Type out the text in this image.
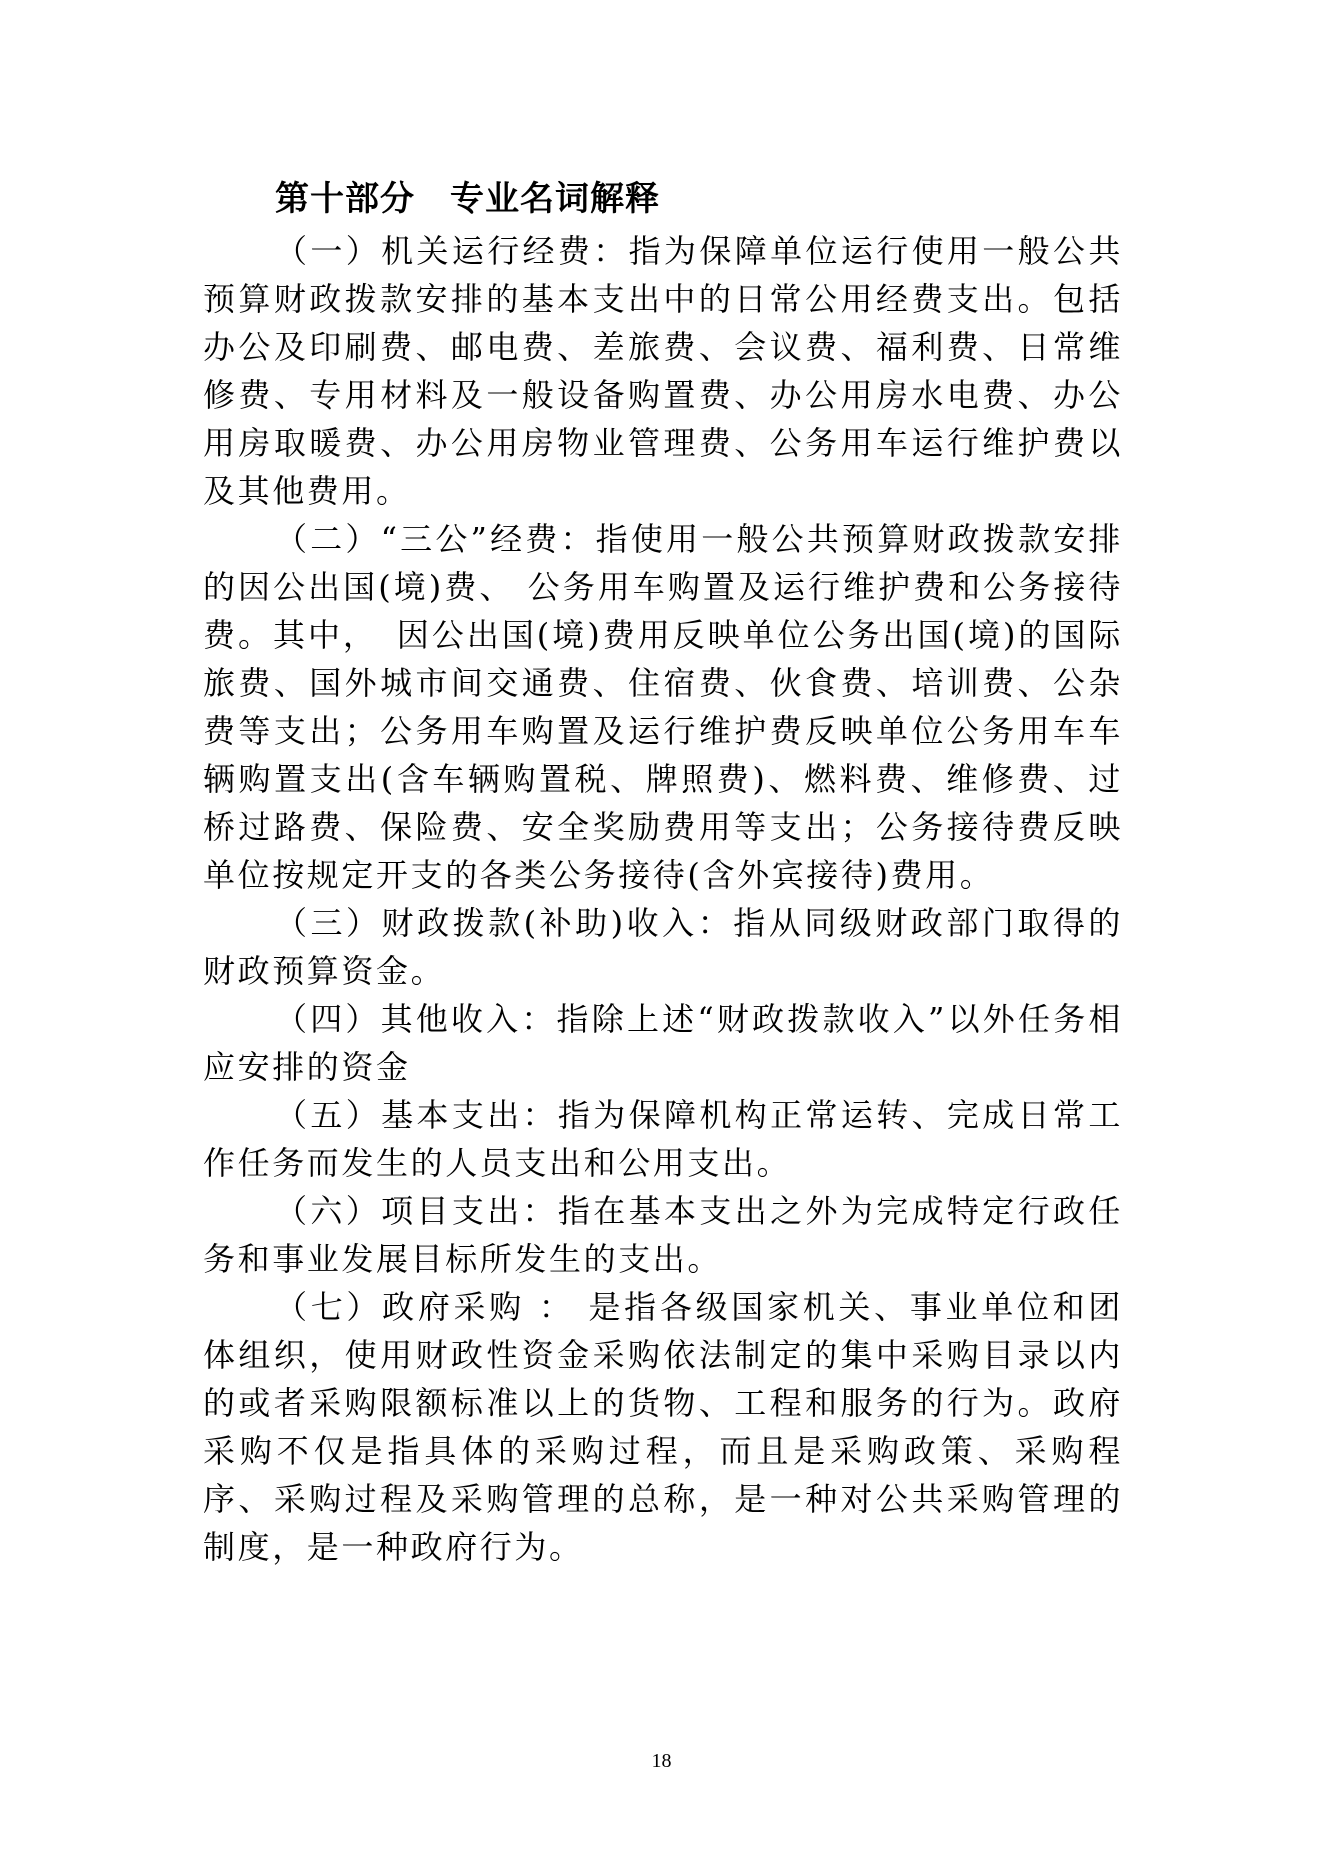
第十部分　专业名词解释

（一）机关运行经费：指为保障单位运行使用一般公共预算财政拨款安排的基本支出中的日常公用经费支出。包括办公及印刷费、邮电费、差旅费、会议费、福利费、日常维修费、专用材料及一般设备购置费、办公用房水电费、办公用房取暖费、办公用房物业管理费、公务用车运行维护费以及其他费用。

（二）“三公”经费：指使用一般公共预算财政拨款安排的因公出国(境)费、 公务用车购置及运行维护费和公务接待费。其中，　因公出国(境)费用反映单位公务出国(境)的国际旅费、国外城市间交通费、住宿费、伙食费、培训费、公杂费等支出；公务用车购置及运行维护费反映单位公务用车车辆购置支出(含车辆购置税、牌照费)、燃料费、维修费、过桥过路费、保险费、安全奖励费用等支出；公务接待费反映单位按规定开支的各类公务接待(含外宾接待)费用。

（三）财政拨款(补助)收入：指从同级财政部门取得的财政预算资金。

（四）其他收入：指除上述“财政拨款收入”以外任务相应安排的资金

（五）基本支出：指为保障机构正常运转、完成日常工作任务而发生的人员支出和公用支出。

（六）项目支出：指在基本支出之外为完成特定行政任务和事业发展目标所发生的支出。

（七）政府采购 ： 是指各级国家机关、事业单位和团体组织，使用财政性资金采购依法制定的集中采购目录以内的或者采购限额标准以上的货物、工程和服务的行为。政府采购不仅是指具体的采购过程，而且是采购政策、采购程序、采购过程及采购管理的总称，是一种对公共采购管理的制度，是一种政府行为。

18
